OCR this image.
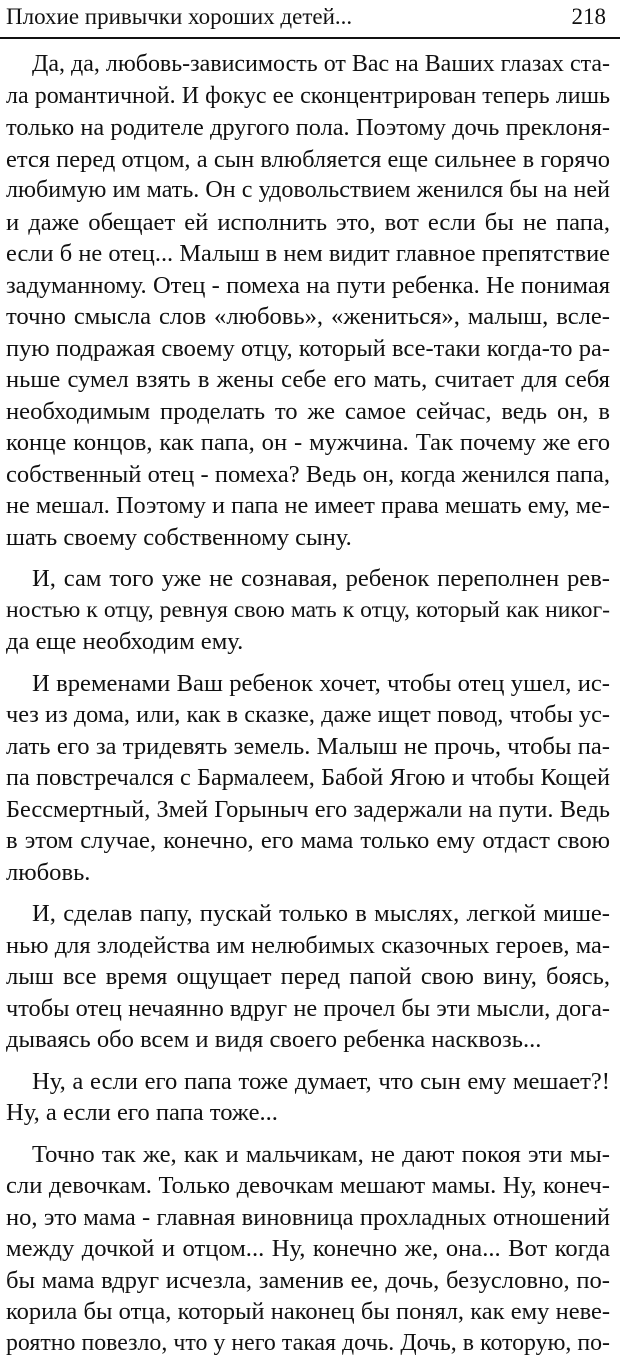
Плохие привычки хороших детей...	218
Да, да, любовь-зависимость от Вас на Ваших глазах ста-
ла романтичной. И фокус ее сконцентрирован теперь лишь
только на родителе другого пола. Поэтому дочь преклоня-
ется перед отцом, а сын влюбляется еще сильнее в горячо
любимую им мать. Он с удовольствием женился бы на ней
и даже обещает ей исполнить это, вот если бы не папа,
если б не отец... Малыш в нем видит главное препятствие
задуманному. Отец - помеха на пути ребенка. Не понимая
точно смысла слов «любовь», «жениться», малыш, вслe-
пую подражая своему отцу, который все-таки когда-то ра-
ньше сумел взять в жены себе его мать, считает для себя
необходимым проделать то же самое сейчас, ведь он, в
конце концов, как папа, он - мужчина. Так почему же его
собственный отец - помеха? Ведь он, когда женился папа,
не мешал. Поэтому и папа не имеет права мешать ему, ме-
шать своему собственному сыну.
И, сам того уже не сознавая, ребенок переполнен рев-
ностью к отцу, ревнуя свою мать к отцу, который как никог-
да еще необходим ему.
И временами Ваш ребенок хочет, чтобы отец ушел, ис-
чез из дома, или, как в сказке, даже ищет повод, чтобы ус-
лать его за тридевять земель. Малыш не прочь, чтобы па-
па повстречался с Бармалеем, Бабой Ягою и чтобы Кощей
Бессмертный, Змей Горыныч его задержали на пути. Ведь
в этом случае, конечно, его мама только ему отдаст свою
любовь.
И, сделав папу, пускай только в мыслях, легкой мише-
нью для злодейства им нелюбимых сказочных героев, ма-
лыш все время ощущает перед папой свою вину, боясь,
чтобы отец нечаянно вдруг не прочел бы эти мысли, дога-
дываясь обо всем и видя своего ребенка насквозь...
Ну, а если его папа тоже думает, что сын ему мешает?!
Ну, а если его папа тоже...
Точно так же, как и мальчикам, не дают покоя эти мы-
сли девочкам. Только девочкам мешают мамы. Ну, конеч-
но, это мама - главная виновница прохладных отношений
между дочкой и отцом... Ну, конечно же, она... Вот когда
бы мама вдруг исчезла, заменив ее, дочь, безусловно, по-
корила бы отца, который наконец бы понял, как ему неве-
роятно повезло, что у него такая дочь. Дочь, в которую, по-
